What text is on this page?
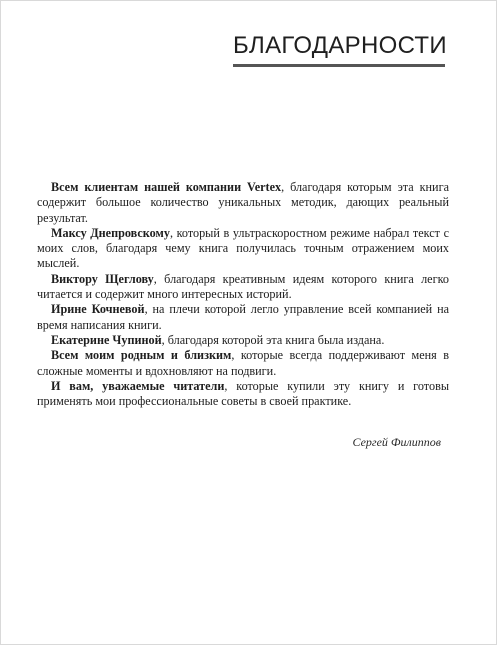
БЛАГОДАРНОСТИ

Всем клиентам нашей компании Vertex, благодаря которым эта книга содержит большое количество уникальных методик, дающих реальный результат.

Максу Днепровскому, который в ультраскоростном режиме набрал текст с моих слов, благодаря чему книга получилась точным отражением моих мыслей.

Виктору Щеглову, благодаря креативным идеям которого книга легко читается и содержит много интересных историй.

Ирине Кочневой, на плечи которой легло управление всей компанией на время написания книги.

Екатерине Чупиной, благодаря которой эта книга была издана.

Всем моим родным и близким, которые всегда поддерживают меня в сложные моменты и вдохновляют на подвиги.

И вам, уважаемые читатели, которые купили эту книгу и готовы применять мои профессиональные советы в своей практике.

Сергей Филиппов
